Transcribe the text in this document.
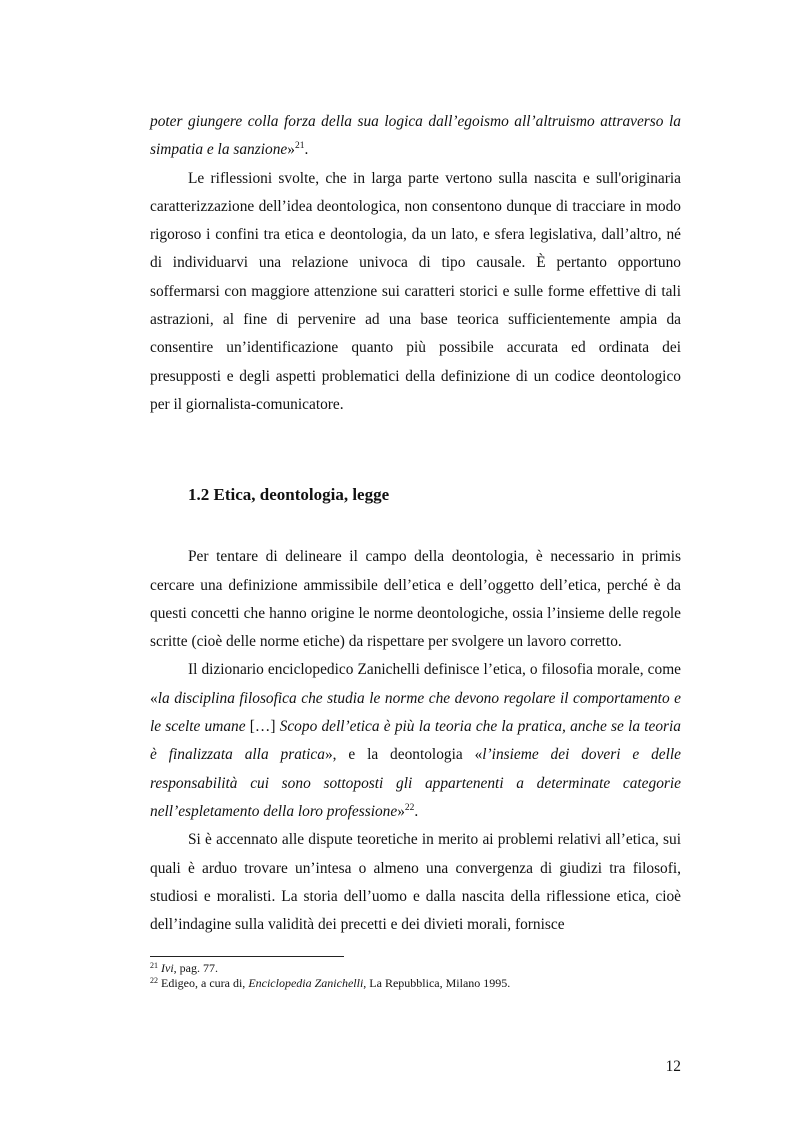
poter giungere colla forza della sua logica dall’egoismo all’altruismo attraverso la simpatia e la sanzione»$^{21}$.

Le riflessioni svolte, che in larga parte vertono sulla nascita e sull'originaria caratterizzazione dell’idea deontologica, non consentono dunque di tracciare in modo rigoroso i confini tra etica e deontologia, da un lato, e sfera legislativa, dall’altro, né di individuarvi una relazione univoca di tipo causale. È pertanto opportuno soffermarsi con maggiore attenzione sui caratteri storici e sulle forme effettive di tali astrazioni, al fine di pervenire ad una base teorica sufficientemente ampia da consentire un’identificazione quanto più possibile accurata ed ordinata dei presupposti e degli aspetti problematici della definizione di un codice deontologico per il giornalista-comunicatore.

1.2 Etica, deontologia, legge

Per tentare di delineare il campo della deontologia, è necessario in primis cercare una definizione ammissibile dell’etica e dell’oggetto dell’etica, perché è da questi concetti che hanno origine le norme deontologiche, ossia l’insieme delle regole scritte (cioè delle norme etiche) da rispettare per svolgere un lavoro corretto.

Il dizionario enciclopedico Zanichelli definisce l’etica, o filosofia morale, come «la disciplina filosofica che studia le norme che devono regolare il comportamento e le scelte umane […] Scopo dell’etica è più la teoria che la pratica, anche se la teoria è finalizzata alla pratica», e la deontologia «l’insieme dei doveri e delle responsabilità cui sono sottoposti gli appartenenti a determinate categorie nell’espletamento della loro professione»$^{22}$.

Si è accennato alle dispute teoretiche in merito ai problemi relativi all’etica, sui quali è arduo trovare un’intesa o almeno una convergenza di giudizi tra filosofi, studiosi e moralisti. La storia dell’uomo e dalla nascita della riflessione etica, cioè dell’indagine sulla validità dei precetti e dei divieti morali, fornisce

$^{21}$ Ivi, pag. 77.

$^{22}$ Edigeo, a cura di, Enciclopedia Zanichelli, La Repubblica, Milano 1995.

12
